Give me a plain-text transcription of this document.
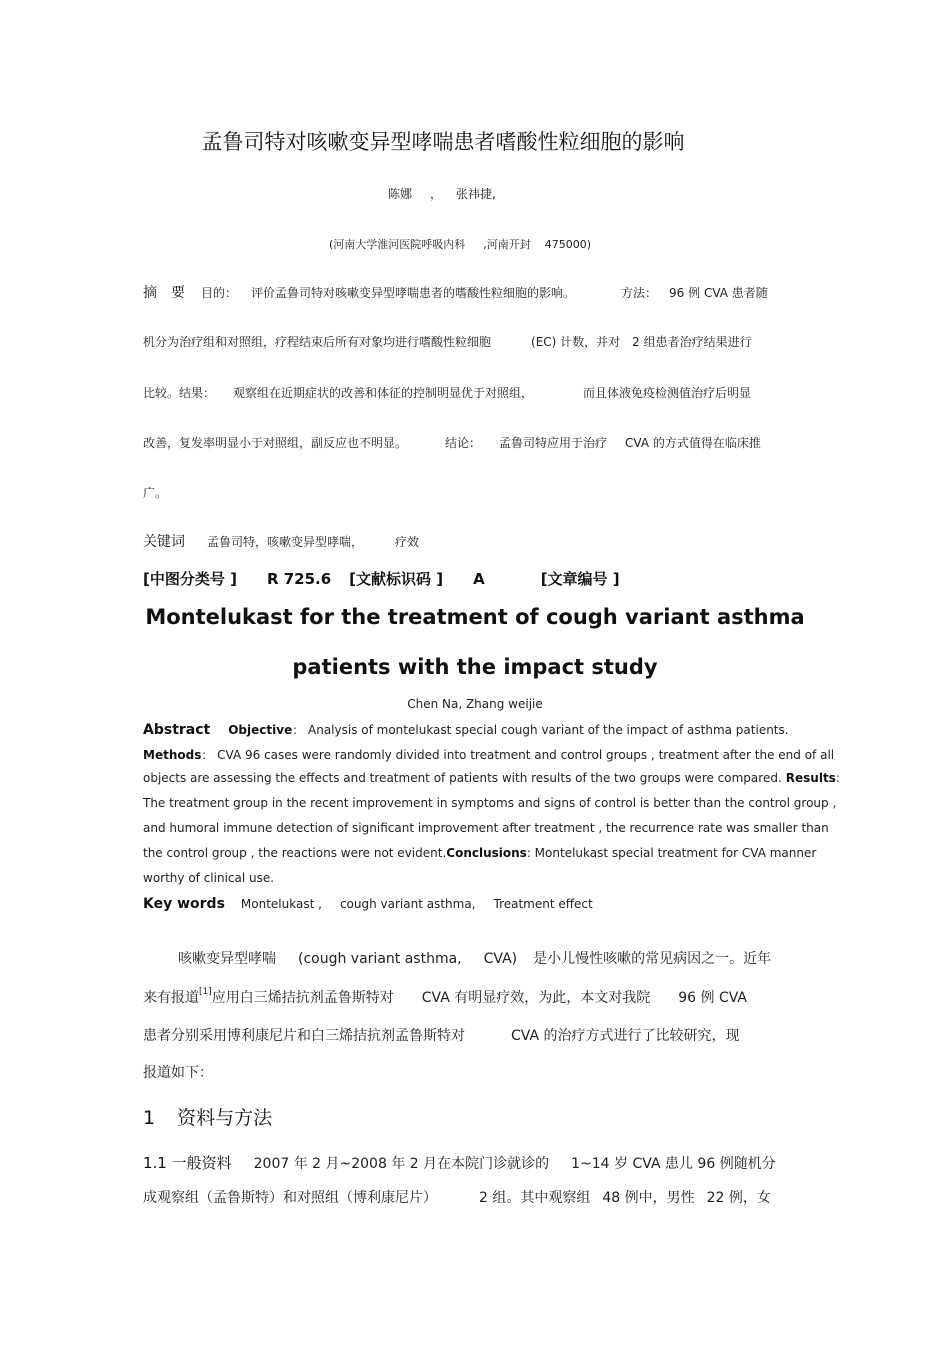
孟鲁司特对咳嗽变异型哮喘患者嗜酸性粒细胞的影响
陈娜 ， 张祎捷,
(河南大学淮河医院呼吸内科 ,河南开封 475000)
摘　要 目的： 评价孟鲁司特对咳嗽变异型哮喘患者的嗜酸性粒细胞的影响。	方法： 96 例 CVA 患者随
机分为治疗组和对照组，疗程结束后所有对象均进行嗜酸性粒细胞	(EC) 计数，并对 2 组患者治疗结果进行
比较。结果： 观察组在近期症状的改善和体征的控制明显优于对照组，	而且体液免疫检测值治疗后明显
改善，复发率明显小于对照组，副反应也不明显。	结论： 孟鲁司特应用于治疗 CVA 的方式值得在临床推
广。
关键词 孟鲁司特，咳嗽变异型哮喘，	疗效
[中图分类号 ] R 725.6 [文献标识码 ] A	[文章编号 ]
Montelukast for the treatment of cough variant asthma
patients with the impact study
Chen Na, Zhang weijie
Abstract Objective： Analysis of montelukast special cough variant of the impact of asthma patients.
Methods： CVA 96 cases were randomly divided into treatment and control groups , treatment after the end of all
objects are assessing the effects and treatment of patients with results of the two groups were compared. Results:
The treatment group in the recent improvement in symptoms and signs of control is better than the control group ,
and humoral immune detection of significant improvement after treatment , the recurrence rate was smaller than
the control group , the reactions were not evident.Conclusions: Montelukast special treatment for CVA manner
worthy of clinical use.
Key words Montelukast , cough variant asthma, Treatment effect
咳嗽变异型哮喘 (cough variant asthma, CVA) 是小儿慢性咳嗽的常见病因之一。近年
来有报道[1]应用白三烯拮抗剂孟鲁斯特对 CVA 有明显疗效，为此，本文对我院 96 例 CVA
患者分别采用博利康尼片和白三烯拮抗剂孟鲁斯特对	CVA 的治疗方式进行了比较研究，现
报道如下：
1 资料与方法
1.1 一般资料 2007 年 2 月~2008 年 2 月在本院门诊就诊的 1~14 岁 CVA 患儿 96 例随机分
成观察组（孟鲁斯特）和对照组（博利康尼片）	2 组。其中观察组 48 例中，男性 22 例，女
